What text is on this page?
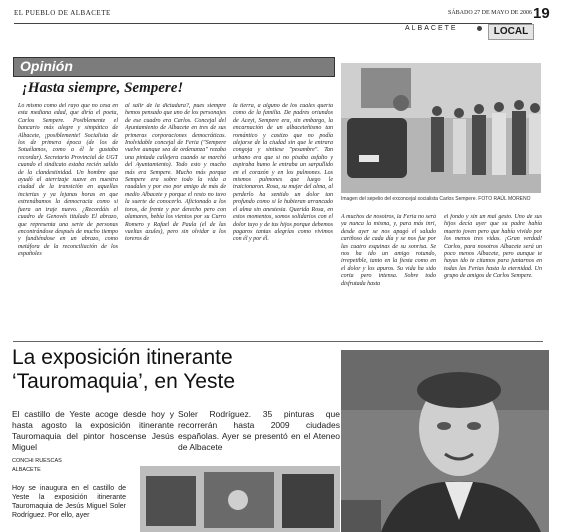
EL PUEBLO DE ALBACETE	SÁBADO 27 DE MAYO DE 2006 19
ALBACETE	LOCAL
Opinión
¡Hasta siempre, Sempere!
Lo mismo como del rayo que no cesa en esta mediana edad, que diría el poeta, Carlos Sempere. Posiblemente el bancario más alegre y simpático de Albacete, ¡posiblemente! Socialista de los de primera época (de los de Sotuélamos, como a él le gustaba recordar). Secretario Provincial de UGT cuando el sindicato estaba recién salido de la clandestinidad. Un hombre que ayudó al aterrizaje suave en nuestra ciudad de la transición en aquellas inciertas y ya lejanas horas en que estrenábamos la democracia como si fuera un traje nuevo. ¿Recordáis el cuadro de Genovés titulado El abrazo, que representa una serie de personas encontrándose después de mucho tiempo y fundiéndose en un abrazo, como metáfora de la reconciliación de los españoles
al salir de la dictadura?, pues siempre hemos pensado que uno de los personajes de ese cuadro era Carlos. Concejal del Ayuntamiento de Albacete en tres de sus primeras corporaciones democráticas. Inolvidable concejal de Feria ("Sempere vuelve aunque sea de ordenanza" rezaba una pintada callejera cuando se marchó del Ayuntamiento). Todo esto y mucho más era Sempere. Mucho más porque Sempere era sobre todo la vida a raudales y por eso por amigo de más de medio Albacete y porque el resto no tuvo la suerte de conocerlo. Aficionado a los toros, de frente y por derecho pero con alamares, bebía los vientos por su Curro Romero y Rafael de Paula (el de las vueltas azules), pero sin olvidar a los toreros de
la tierra, a alguno de los cuales quería como de la familia. De padres oriundos de Aceyt, Sempere era, sin embargo, la encarnación de un albaceteñismo tan romántico y castizo que no podía alejarse de la ciudad sin que le entrara congoja y sintiese "pesambre". Tan urbano era que si no pisaba asfalto y aspiraba humo le entraba un sarpullido en el corazón y en los pulmones. Los mismos pulmones que luego le traicionaron. Rosa, su mujer del alma, al perderlo ha sentido un dolor tan profundo como si le hubieran arrancado el alma sin anestesia. Querida Rosa, en estos momentos, somos solidarios con el dolor tuyo y de tus hijos porque debemos pagaros tantas alegrías como vivimos con él y por él.
Imagen del sepelio del exconcejal socialista Carlos Sempere. FOTO RAÚL MORENO
A muchos de nosotros, la Feria no será ya nunca la misma, y, para más inri, desde ayer se nos apagó el saludo cariñoso de cada día y se nos fue por las cuatro esquinas de su sonrisa. Se nos ha ido un amigo rotundo, irrepetible, tanto en la fiesta como en el dolor y los apuros. Su vida ha sido corta pero intensa. Sobre todo disfrutada hasta
el fondo y sin un mal gesto. Uno de sus hijos decía ayer que su padre había muerto joven pero que había vivido por los menos tres vidas. ¡Gran verdad! Carlos, para nosotros Albacete será un poco menos Albacete, pero aunque te hayas ido te citamos para juntarnos en todas las Ferias hasta la eternidad. Un grupo de amigos de Carlos Sempere.
La exposición itinerante ‘Tauromaquia’, en Yeste
El castillo de Yeste acoge desde hoy y hasta agosto la exposición itinerante Tauromaquia del pintor hoscense Jesús Miguel
Soler Rodríguez. 35 pinturas que recorrerán hasta 2009 ciudades españolas. Ayer se presentó en el Ateneo de Albacete
CONCHI RUESCAS
ALBACETE
Hoy se inaugura en el castillo de Yeste la exposición itinerante Tauromaquia de Jesús Miguel Soler Rodríguez. Por ello, ayer
